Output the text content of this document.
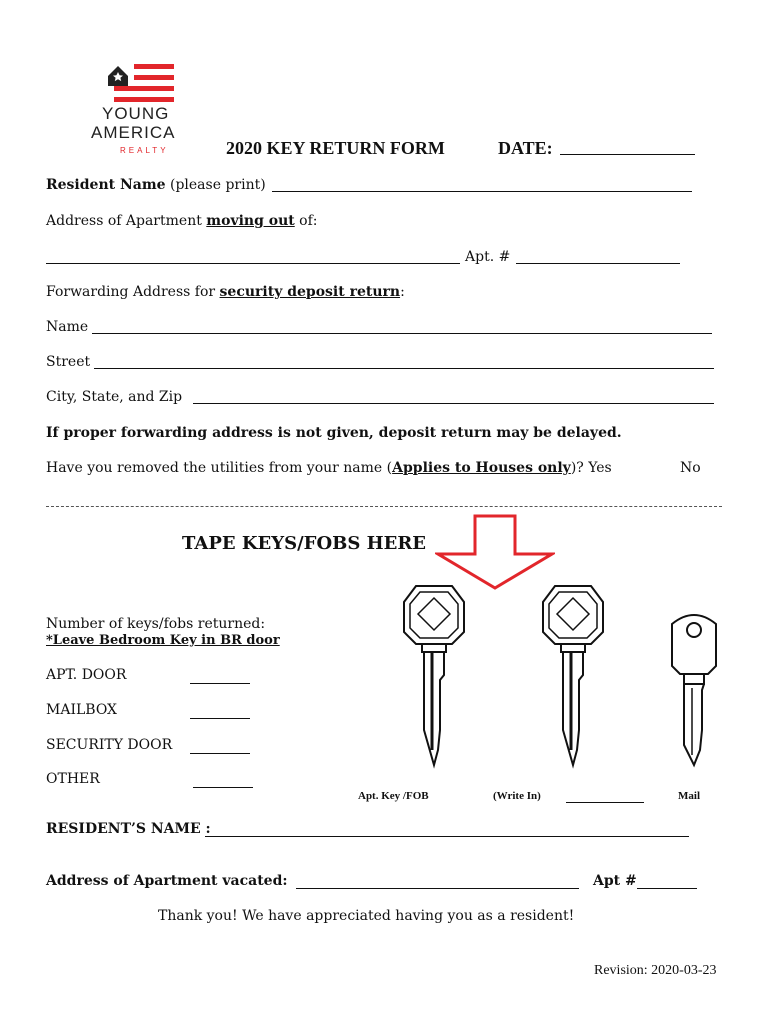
YOUNG
AMERICA
REALTY	2020 KEY RETURN FORM	DATE:
Resident Name (please print)
Address of Apartment moving out of:
Apt. #
Forwarding Address for security deposit return:
Name
Street
City, State, and Zip
If proper forwarding address is not given, deposit return may be delayed.
Have you removed the utilities from your name (Applies to Houses only)? Yes	No
TAPE KEYS/FOBS HERE
Number of keys/fobs returned:
*Leave Bedroom Key in BR door
APT. DOOR
MAILBOX
SECURITY DOOR
OTHER
Apt. Key /FOB	(Write In)	Mail
RESIDENT’S NAME :
Address of Apartment vacated:	Apt #
Thank you! We have appreciated having you as a resident!
Revision: 2020-03-23
